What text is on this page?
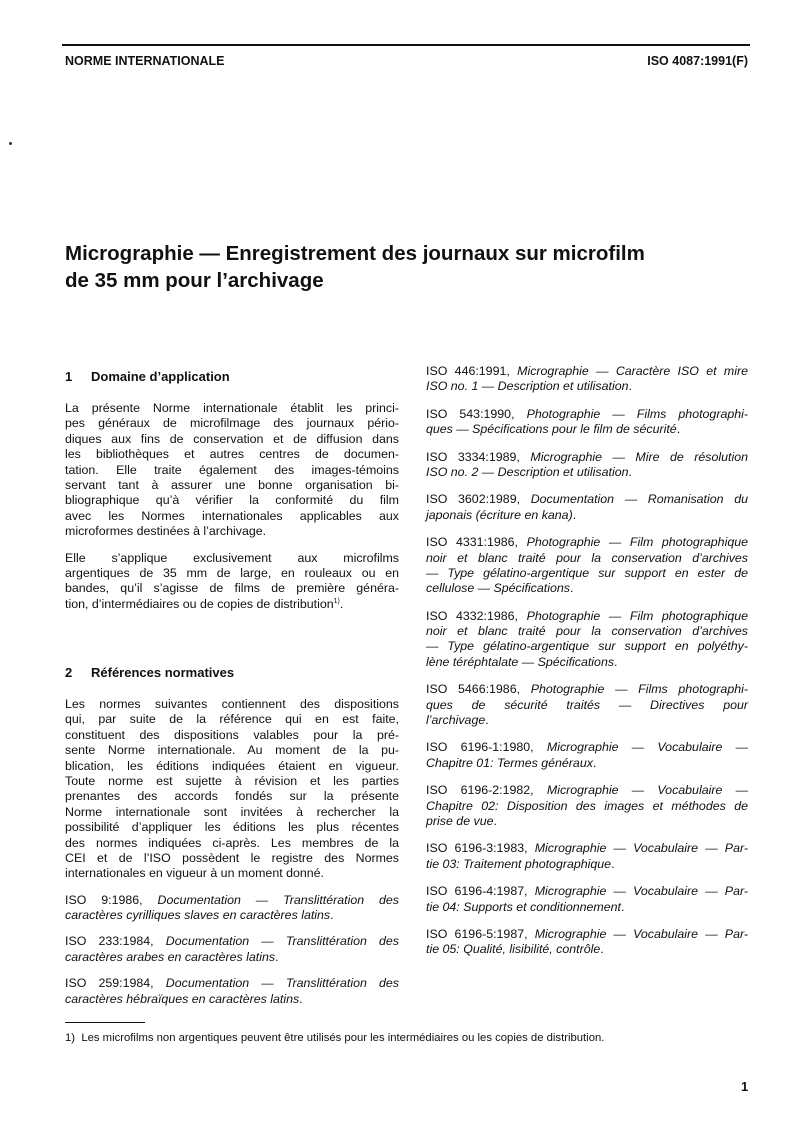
NORME INTERNATIONALE	ISO 4087:1991(F)
Micrographie — Enregistrement des journaux sur microfilm
de 35 mm pour l’archivage
1 Domaine d’application
La présente Norme internationale établit les princi-
pes généraux de microfilmage des journaux pério-
diques aux fins de conservation et de diffusion dans
les bibliothèques et autres centres de documen-
tation. Elle traite également des images-témoins
servant tant à assurer une bonne organisation bi-
bliographique qu’à vérifier la conformité du film
avec les Normes internationales applicables aux
microformes destinées à l’archivage.
Elle s’applique exclusivement aux microfilms
argentiques de 35 mm de large, en rouleaux ou en
bandes, qu’il s’agisse de films de première généra-
tion, d’intermédiaires ou de copies de distribution$^{1)}$.
2 Références normatives
Les normes suivantes contiennent des dispositions
qui, par suite de la référence qui en est faite,
constituent des dispositions valables pour la pré-
sente Norme internationale. Au moment de la pu-
blication, les éditions indiquées étaient en vigueur.
Toute norme est sujette à révision et les parties
prenantes des accords fondés sur la présente
Norme internationale sont invitées à rechercher la
possibilité d’appliquer les éditions les plus récentes
des normes indiquées ci-après. Les membres de la
CEI et de l’ISO possèdent le registre des Normes
internationales en vigueur à un moment donné.
ISO 9:1986, Documentation — Translittération des
caractères cyrilliques slaves en caractères latins.
ISO 233:1984, Documentation — Translittération des
caractères arabes en caractères latins.
ISO 259:1984, Documentation — Translittération des
caractères hébraïques en caractères latins.
ISO 446:1991, Micrographie — Caractère ISO et mire
ISO no. 1 — Description et utilisation.
ISO 543:1990, Photographie — Films photographi-
ques — Spécifications pour le film de sécurité.
ISO 3334:1989, Micrographie — Mire de résolution
ISO no. 2 — Description et utilisation.
ISO 3602:1989, Documentation — Romanisation du
japonais (écriture en kana).
ISO 4331:1986, Photographie — Film photographique
noir et blanc traité pour la conservation d’archives
— Type gélatino-argentique sur support en ester de
cellulose — Spécifications.
ISO 4332:1986, Photographie — Film photographique
noir et blanc traité pour la conservation d’archives
— Type gélatino-argentique sur support en polyéthy-
lène téréphtalate — Spécifications.
ISO 5466:1986, Photographie — Films photographi-
ques de sécurité traités — Directives pour
l’archivage.
ISO 6196-1:1980, Micrographie — Vocabulaire —
Chapitre 01: Termes généraux.
ISO 6196-2:1982, Micrographie — Vocabulaire —
Chapitre 02: Disposition des images et méthodes de
prise de vue.
ISO 6196-3:1983, Micrographie — Vocabulaire — Par-
tie 03: Traitement photographique.
ISO 6196-4:1987, Micrographie — Vocabulaire — Par-
tie 04: Supports et conditionnement.
ISO 6196-5:1987, Micrographie — Vocabulaire — Par-
tie 05: Qualité, lisibilité, contrôle.
1) Les microfilms non argentiques peuvent être utilisés pour les intermédiaires ou les copies de distribution.
1
